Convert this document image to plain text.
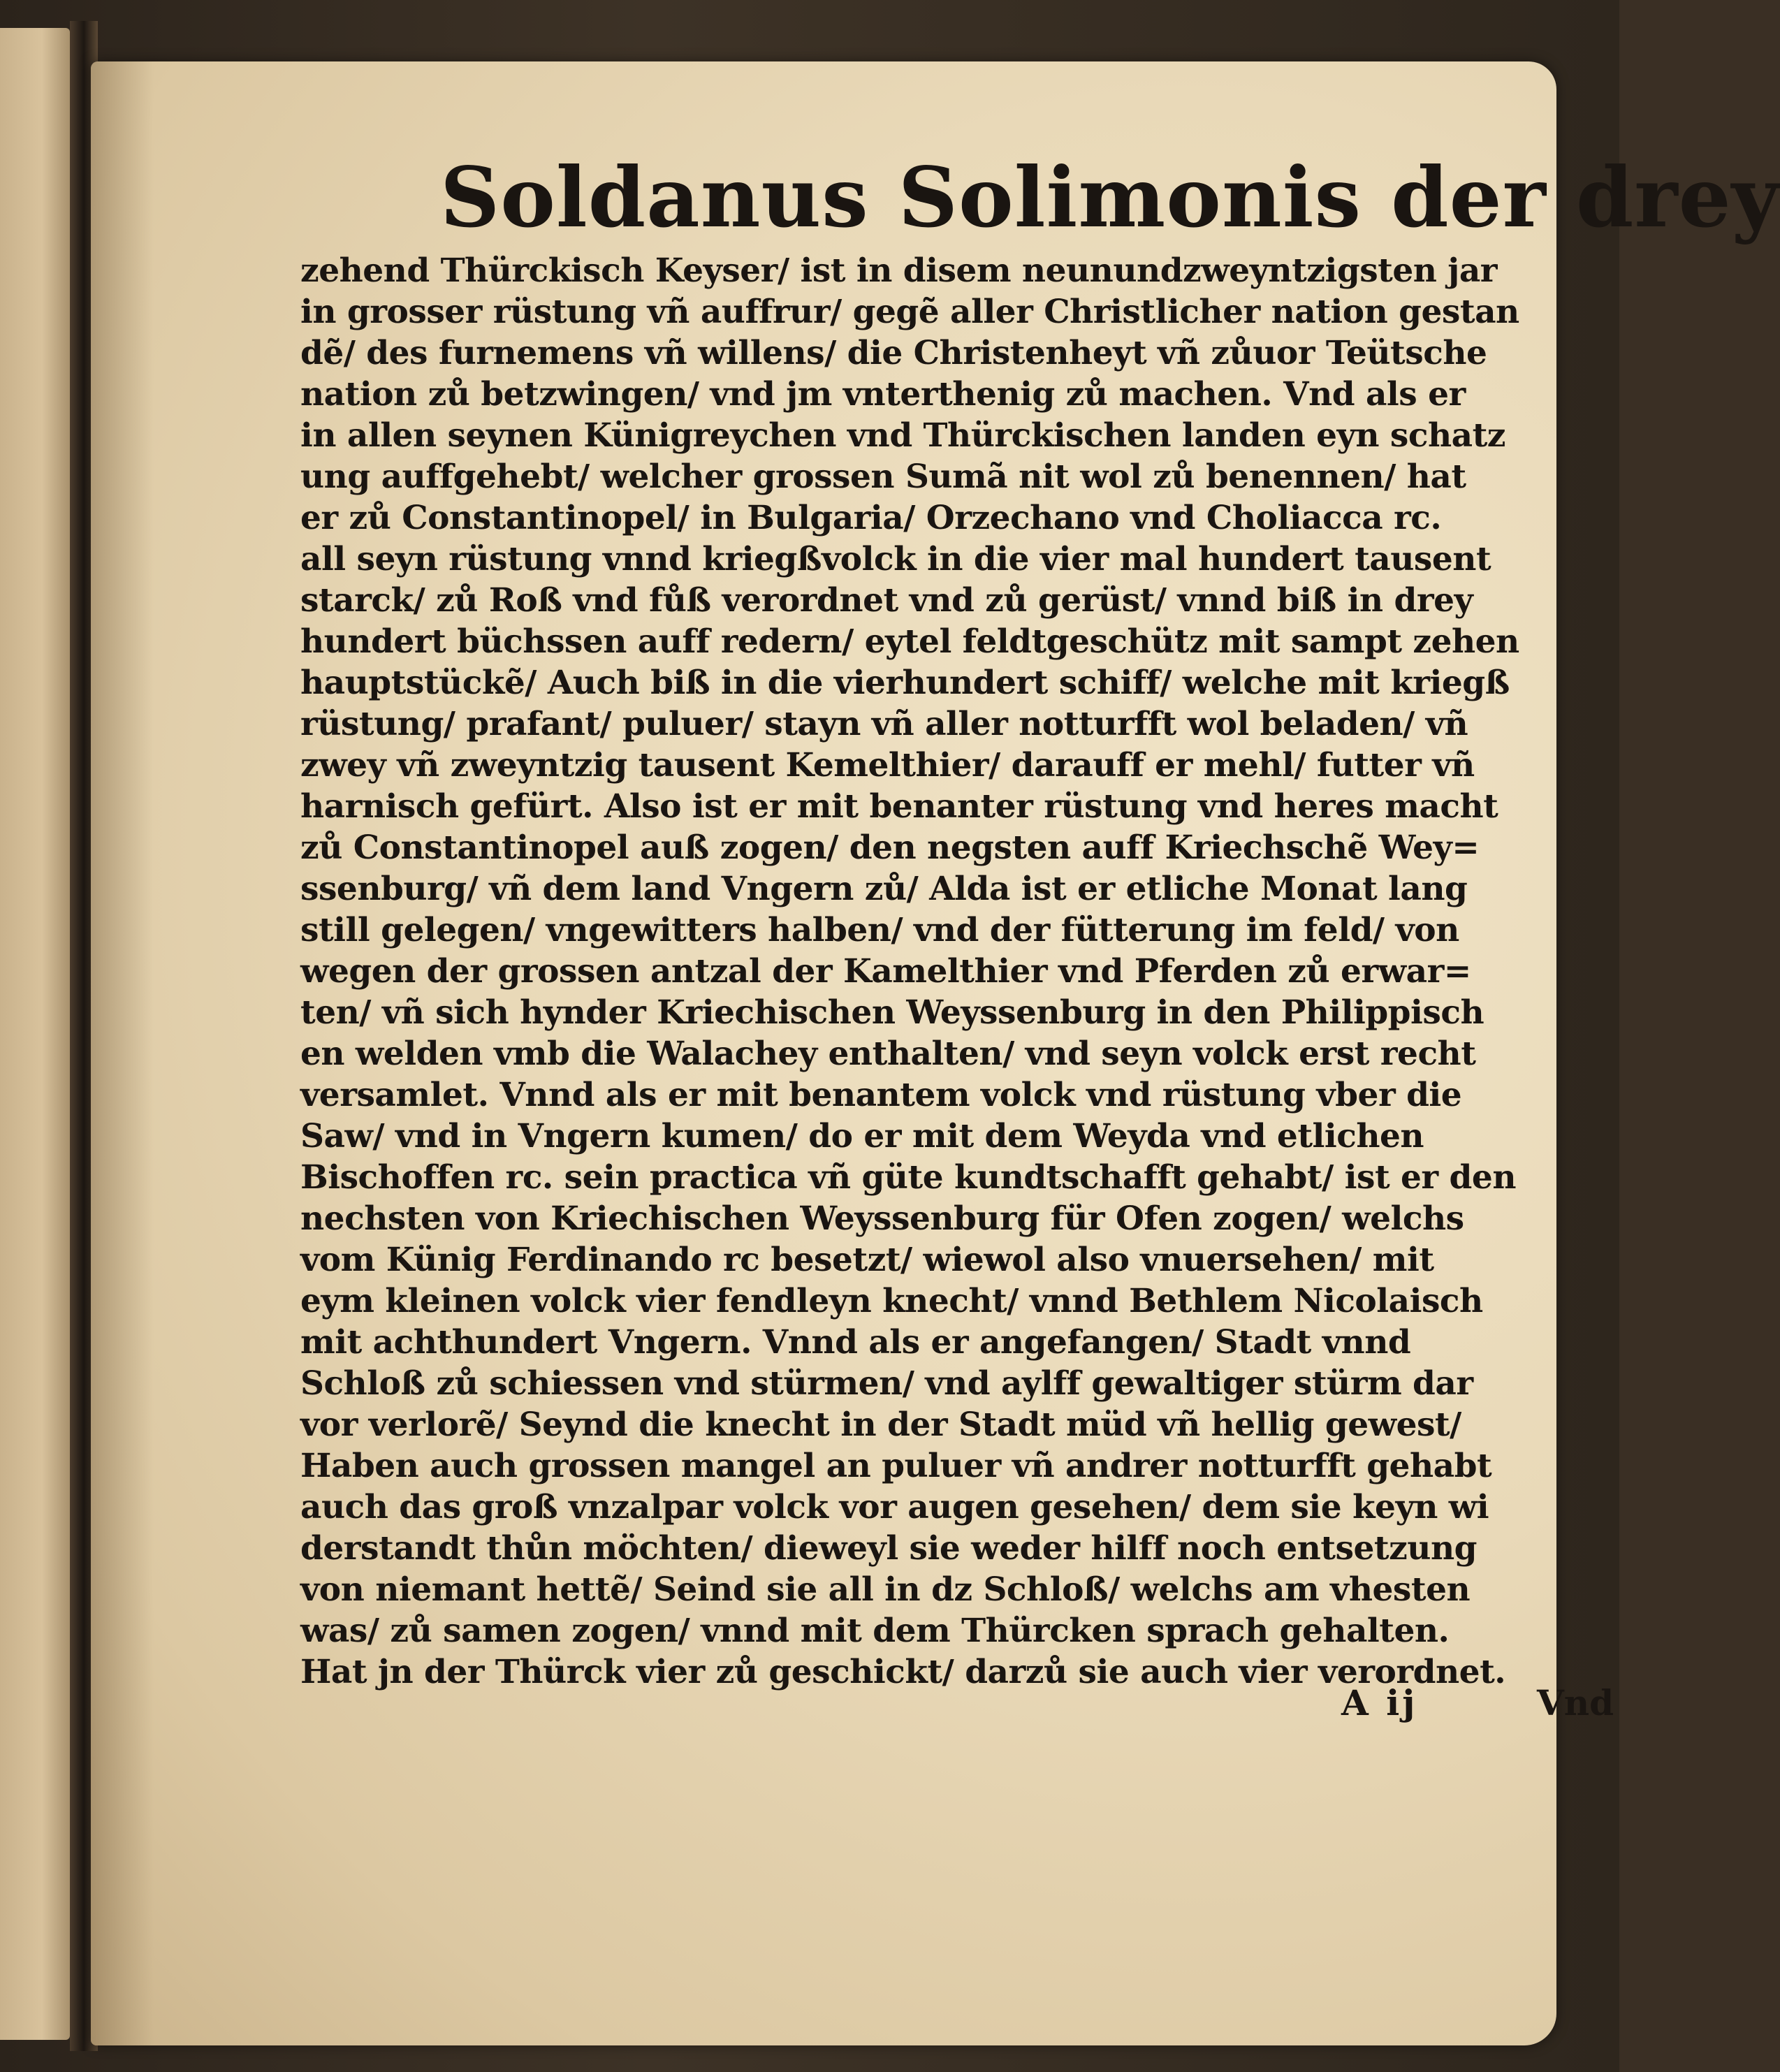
Soldanus Solimonis der drey
zehend Thürckisch Keyser/ ist in disem neunundzweyntzigsten jar
in grosser rüstung vñ auffrur/ gegẽ aller Christlicher nation gestan
dẽ/ des furnemens vñ willens/ die Christenheyt vñ zůuor Teütsche
nation zů betzwingen/ vnd jm vnterthenig zů machen. Vnd als er
in allen seynen Künigreychen vnd Thürckischen landen eyn schatz
ung auffgehebt/ welcher grossen Sumã nit wol zů benennen/ hat
er zů Constantinopel/ in Bulgaria/ Orzechano vnd Choliacca rc.
all seyn rüstung vnnd kriegßvolck in die vier mal hundert tausent
starck/ zů Roß vnd fůß verordnet vnd zů gerüst/ vnnd biß in drey
hundert büchssen auff redern/ eytel feldtgeschütz mit sampt zehen
hauptstückẽ/ Auch biß in die vierhundert schiff/ welche mit kriegß
rüstung/ prafant/ puluer/ stayn vñ aller notturfft wol beladen/ vñ
zwey vñ zweyntzig tausent Kemelthier/ darauff er mehl/ futter vñ
harnisch gefürt. Also ist er mit benanter rüstung vnd heres macht
zů Constantinopel auß zogen/ den negsten auff Kriechschẽ Wey=
ssenburg/ vñ dem land Vngern zů/ Alda ist er etliche Monat lang
still gelegen/ vngewitters halben/ vnd der fütterung im feld/ von
wegen der grossen antzal der Kamelthier vnd Pferden zů erwar=
ten/ vñ sich hynder Kriechischen Weyssenburg in den Philippisch
en welden vmb die Walachey enthalten/ vnd seyn volck erst recht
versamlet. Vnnd als er mit benantem volck vnd rüstung vber die
Saw/ vnd in Vngern kumen/ do er mit dem Weyda vnd etlichen
Bischoffen rc. sein practica vñ güte kundtschafft gehabt/ ist er den
nechsten von Kriechischen Weyssenburg für Ofen zogen/ welchs
vom Künig Ferdinando rc besetzt/ wiewol also vnuersehen/ mit
eym kleinen volck vier fendleyn knecht/ vnnd Bethlem Nicolaisch
mit achthundert Vngern. Vnnd als er angefangen/ Stadt vnnd
Schloß zů schiessen vnd stürmen/ vnd aylff gewaltiger stürm dar
vor verlorẽ/ Seynd die knecht in der Stadt müd vñ hellig gewest/
Haben auch grossen mangel an puluer vñ andrer notturfft gehabt
auch das groß vnzalpar volck vor augen gesehen/ dem sie keyn wi
derstandt thůn möchten/ dieweyl sie weder hilff noch entsetzung
von niemant hettẽ/ Seind sie all in dz Schloß/ welchs am vhesten
was/ zů samen zogen/ vnnd mit dem Thürcken sprach gehalten.
Hat jn der Thürck vier zů geschickt/ darzů sie auch vier verordnet.
A ij	Vnd
